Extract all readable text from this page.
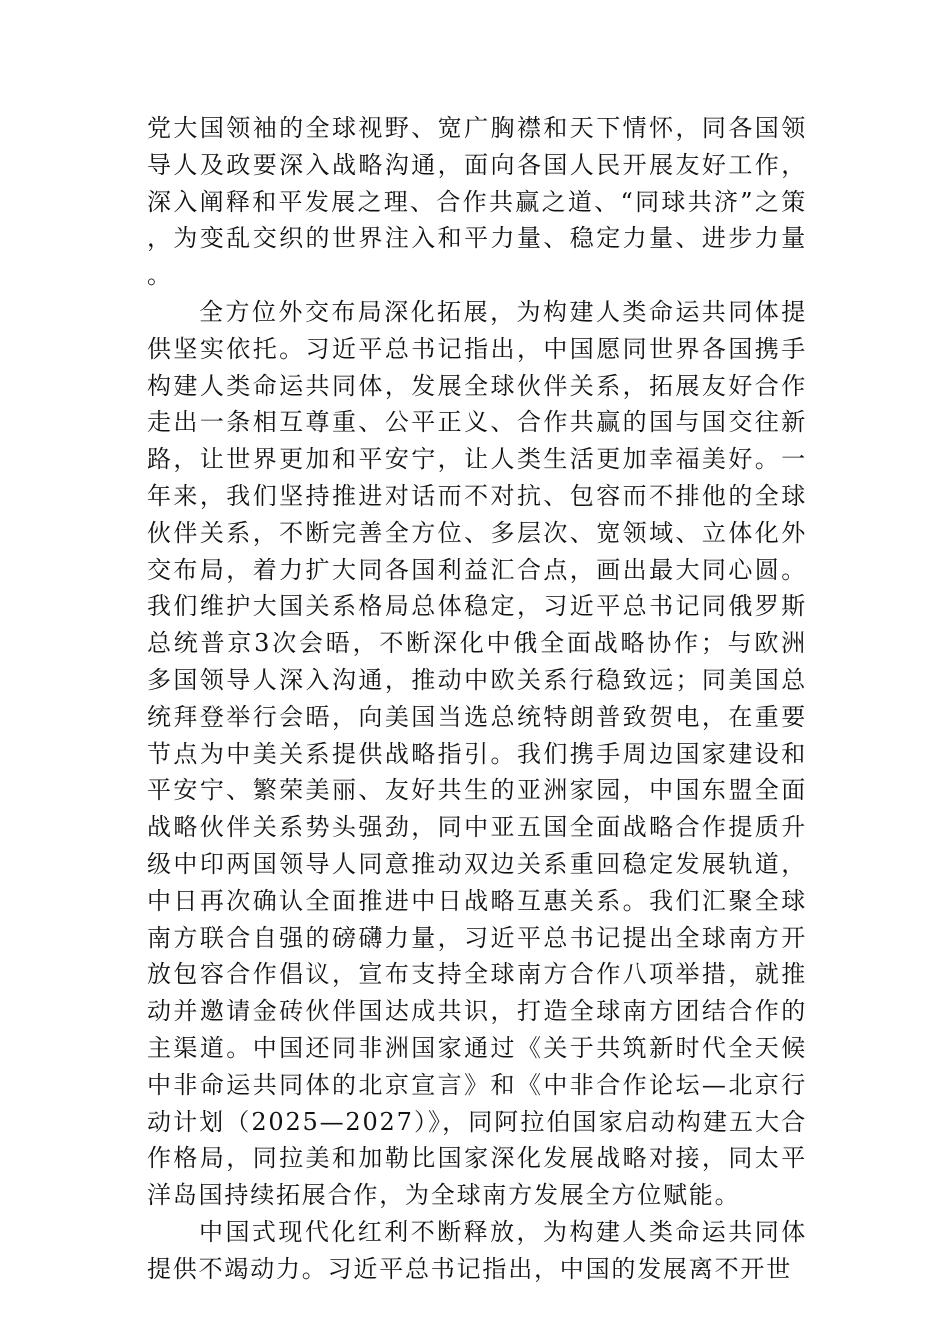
党大国领袖的全球视野、宽广胸襟和天下情怀，同各国领导人及政要深入战略沟通，面向各国人民开展友好工作，深入阐释和平发展之理、合作共赢之道、“同球共济”之策，为变乱交织的世界注入和平力量、稳定力量、进步力量。

全方位外交布局深化拓展，为构建人类命运共同体提供坚实依托。习近平总书记指出，中国愿同世界各国携手构建人类命运共同体，发展全球伙伴关系，拓展友好合作走出一条相互尊重、公平正义、合作共赢的国与国交往新路，让世界更加和平安宁，让人类生活更加幸福美好。一年来，我们坚持推进对话而不对抗、包容而不排他的全球伙伴关系，不断完善全方位、多层次、宽领域、立体化外交布局，着力扩大同各国利益汇合点，画出最大同心圆。我们维护大国关系格局总体稳定，习近平总书记同俄罗斯总统普京3次会晤，不断深化中俄全面战略协作；与欧洲多国领导人深入沟通，推动中欧关系行稳致远；同美国总统拜登举行会晤，向美国当选总统特朗普致贺电，在重要节点为中美关系提供战略指引。我们携手周边国家建设和平安宁、繁荣美丽、友好共生的亚洲家园，中国东盟全面战略伙伴关系势头强劲，同中亚五国全面战略合作提质升级中印两国领导人同意推动双边关系重回稳定发展轨道，中日再次确认全面推进中日战略互惠关系。我们汇聚全球南方联合自强的磅礴力量，习近平总书记提出全球南方开放包容合作倡议，宣布支持全球南方合作八项举措，就推动并邀请金砖伙伴国达成共识，打造全球南方团结合作的主渠道。中国还同非洲国家通过《关于共筑新时代全天候中非命运共同体的北京宣言》和《中非合作论坛—北京行动计划（2025—2027）》，同阿拉伯国家启动构建五大合作格局，同拉美和加勒比国家深化发展战略对接，同太平洋岛国持续拓展合作，为全球南方发展全方位赋能。

中国式现代化红利不断释放，为构建人类命运共同体提供不竭动力。习近平总书记指出，中国的发展离不开世
